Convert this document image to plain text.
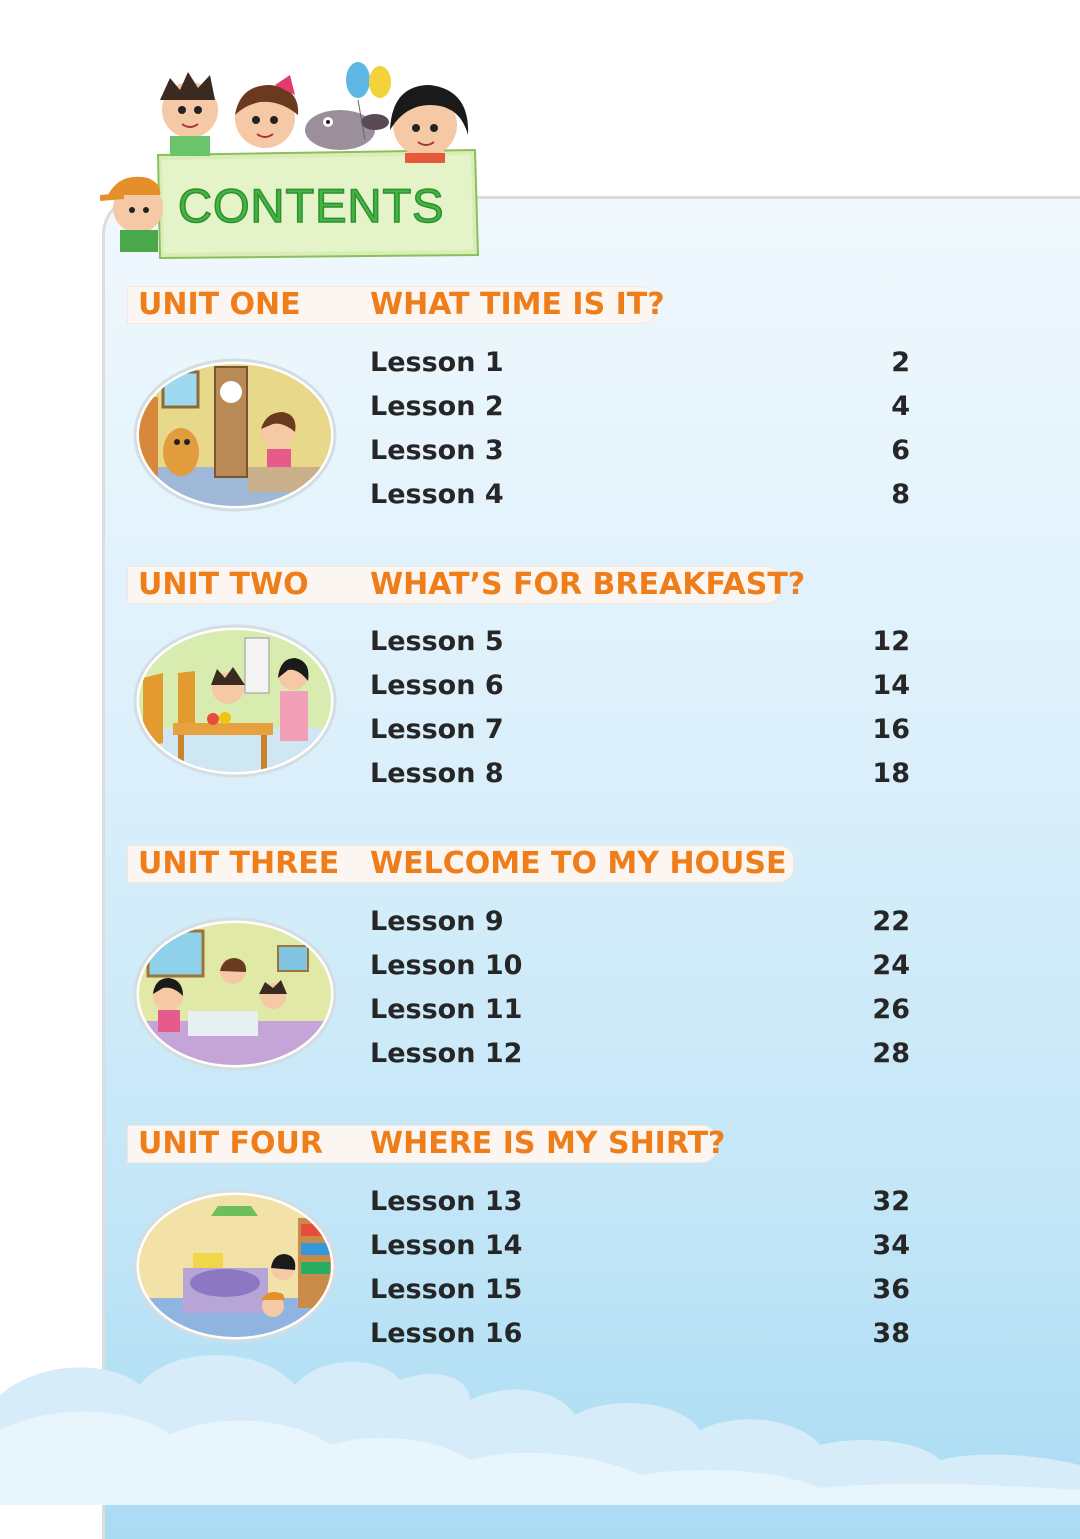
CONTENTS
UNIT ONE WHAT TIME IS IT?
Lesson 1	2
Lesson 2	4
Lesson 3	6
Lesson 4	8
UNIT TWO WHAT’S FOR BREAKFAST?
Lesson 5	12
Lesson 6	14
Lesson 7	16
Lesson 8	18
UNIT THREE WELCOME TO MY HOUSE
Lesson 9	22
Lesson 10	24
Lesson 11	26
Lesson 12	28
UNIT FOUR WHERE IS MY SHIRT?
Lesson 13	32
Lesson 14	34
Lesson 15	36
Lesson 16	38
